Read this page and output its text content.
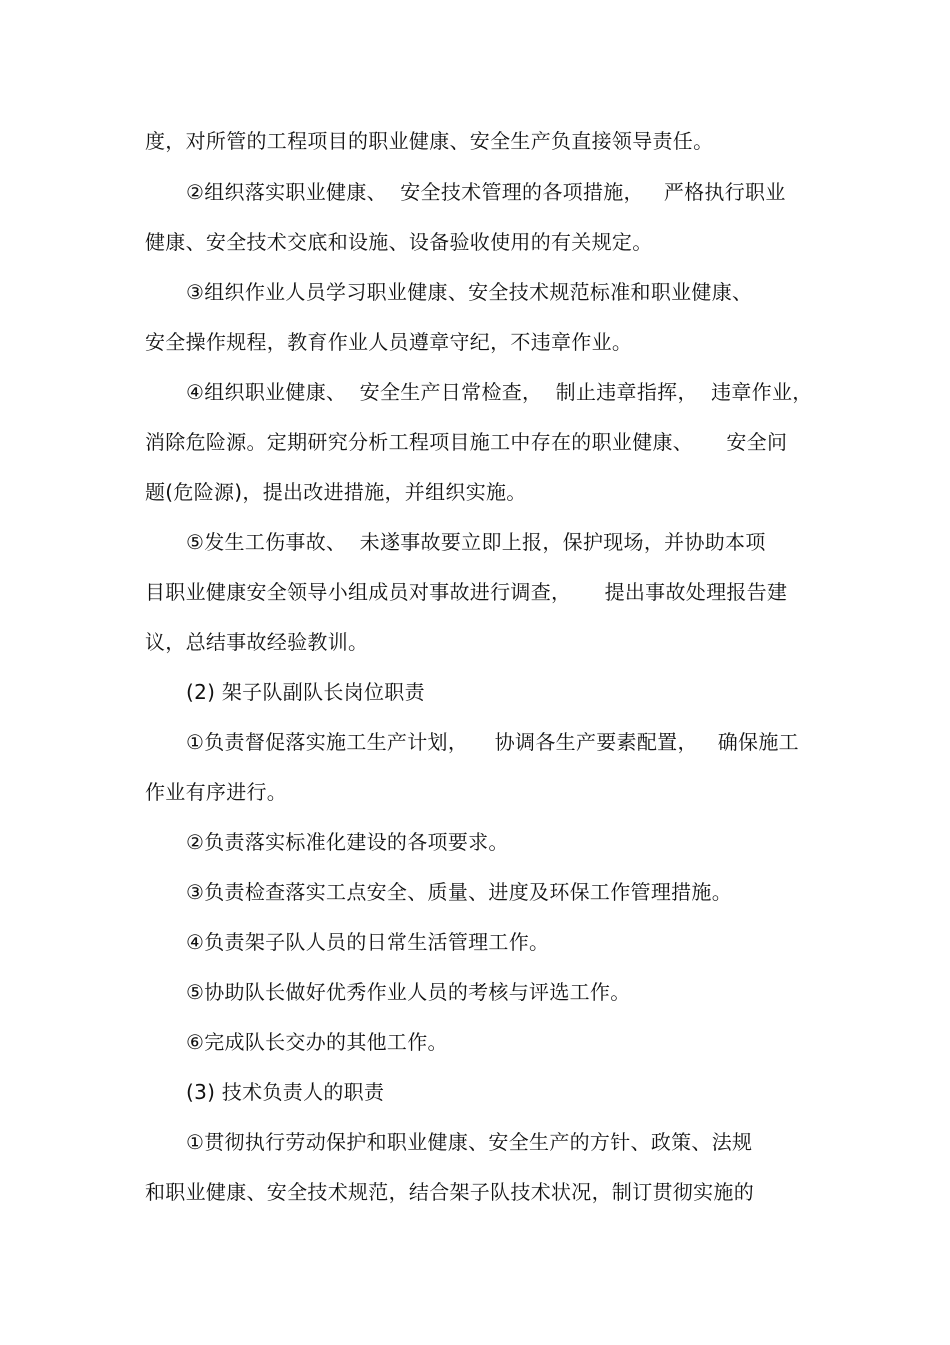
度，对所管的工程项目的职业健康、安全生产负直接领导责任。
②组织落实职业健康、  安全技术管理的各项措施，   严格执行职业
健康、安全技术交底和设施、设备验收使用的有关规定。
③组织作业人员学习职业健康、安全技术规范标准和职业健康、
安全操作规程，教育作业人员遵章守纪，不违章作业。
④组织职业健康、  安全生产日常检查，  制止违章指挥，  违章作业，
消除危险源。定期研究分析工程项目施工中存在的职业健康、     安全问
题(危险源)，提出改进措施，并组织实施。
⑤发生工伤事故、  未遂事故要立即上报，保护现场，并协助本项
目职业健康安全领导小组成员对事故进行调查，     提出事故处理报告建
议，总结事故经验教训。
(2) 架子队副队长岗位职责
①负责督促落实施工生产计划，    协调各生产要素配置，   确保施工
作业有序进行。
②负责落实标准化建设的各项要求。
③负责检查落实工点安全、质量、进度及环保工作管理措施。
④负责架子队人员的日常生活管理工作。
⑤协助队长做好优秀作业人员的考核与评选工作。
⑥完成队长交办的其他工作。
(3) 技术负责人的职责
①贯彻执行劳动保护和职业健康、安全生产的方针、政策、法规
和职业健康、安全技术规范，结合架子队技术状况，制订贯彻实施的
